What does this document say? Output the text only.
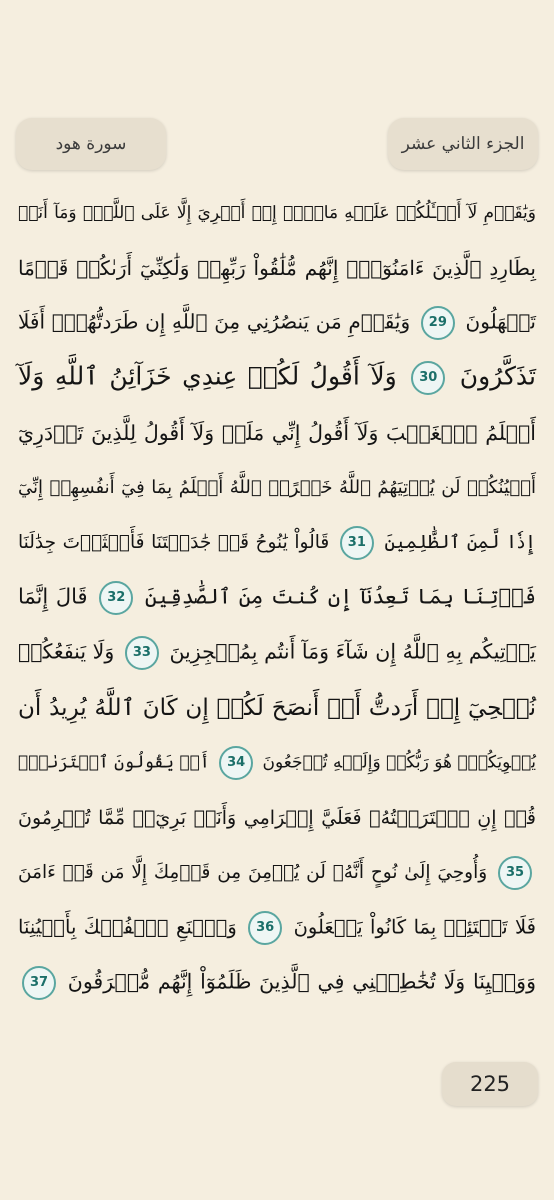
سورة هود	الجزء الثاني عشر
وَيَٰقَوۡمِ لَآ أَسۡـَٔلُكُمۡ عَلَيۡهِ مَالًاۖ إِنۡ أَجۡرِيَ إِلَّا عَلَى ٱللَّهِۚ وَمَآ أَنَا۠
بِطَارِدِ ٱلَّذِينَ ءَامَنُوٓاْۚ إِنَّهُم مُّلَٰقُواْ رَبِّهِمۡ وَلَٰكِنِّيٓ أَرَىٰكُمۡ قَوۡمًا
تَجۡهَلُونَ 29 وَيَٰقَوۡمِ مَن يَنصُرُنِي مِنَ ٱللَّهِ إِن طَرَدتُّهُمۡۚ أَفَلَا
تَذَكَّرُونَ 30 وَلَآ أَقُولُ لَكُمۡ عِندِي خَزَآئِنُ ٱللَّهِ وَلَآ
أَعۡلَمُ ٱلۡغَيۡبَ وَلَآ أَقُولُ إِنِّي مَلَكٞ وَلَآ أَقُولُ لِلَّذِينَ تَزۡدَرِيٓ
أَعۡيُنُكُمۡ لَن يُؤۡتِيَهُمُ ٱللَّهُ خَيۡرًاۖ ٱللَّهُ أَعۡلَمُ بِمَا فِيٓ أَنفُسِهِمۡ إِنِّيٓ
إِذٗا لَّمِنَ ٱلظَّٰلِمِينَ 31 قَالُواْ يَٰنُوحُ قَدۡ جَٰدَلۡتَنَا فَأَكۡثَرۡتَ جِدَٰلَنَا
فَأۡتِنَا بِمَا تَعِدُنَآ إِن كُنتَ مِنَ ٱلصَّٰدِقِينَ 32 قَالَ إِنَّمَا
يَأۡتِيكُم بِهِ ٱللَّهُ إِن شَآءَ وَمَآ أَنتُم بِمُعۡجِزِينَ 33 وَلَا يَنفَعُكُمۡ
نُصۡحِيٓ إِنۡ أَرَدتُّ أَنۡ أَنصَحَ لَكُمۡ إِن كَانَ ٱللَّهُ يُرِيدُ أَن
يُغۡوِيَكُمۡۚ هُوَ رَبُّكُمۡ وَإِلَيۡهِ تُرۡجَعُونَ 34 أَمۡ يَقُولُونَ ٱفۡتَرَىٰهُۖ
قُلۡ إِنِ ٱفۡتَرَيۡتُهُۥ فَعَلَيَّ إِجۡرَامِي وَأَنَا۠ بَرِيٓءٞ مِّمَّا تُجۡرِمُونَ
35 وَأُوحِيَ إِلَىٰ نُوحٍ أَنَّهُۥ لَن يُؤۡمِنَ مِن قَوۡمِكَ إِلَّا مَن قَدۡ ءَامَنَ
فَلَا تَبۡتَئِسۡ بِمَا كَانُواْ يَفۡعَلُونَ 36 وَٱصۡنَعِ ٱلۡفُلۡكَ بِأَعۡيُنِنَا
وَوَحۡيِنَا وَلَا تُخَٰطِبۡنِي فِي ٱلَّذِينَ ظَلَمُوٓاْ إِنَّهُم مُّغۡرَقُونَ 37
225
